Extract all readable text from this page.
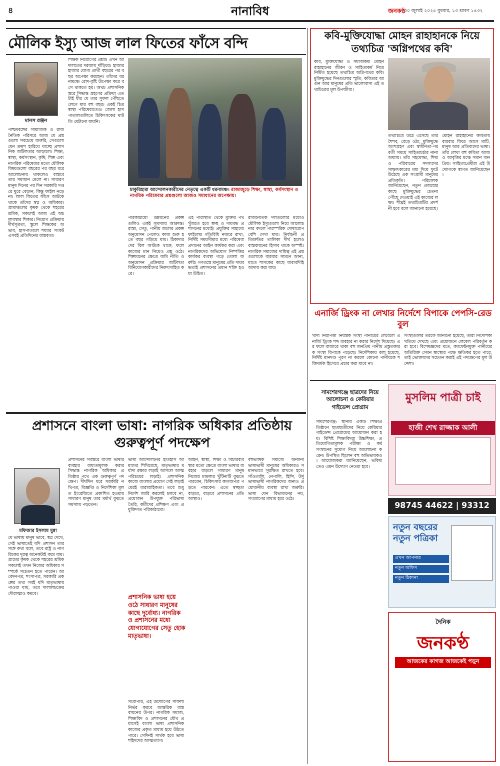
৪	নানাবিধ	জনকণ্ঠ
৩০ জুলাই ২০২৫ বুধবার, ১৩ শ্রাবণ ১৪৩২
মৌলিক ইস্যু আজ লাল ফিতের ফাঁসে বন্দি
মানস রঞ্জন
পশ্চিমবঙ্গের সামাজিক ও রাজনৈতিক পরিসরে আজ যে প্রশ্নগুলো সবচেয়ে জরুরি, সেগুলো যেন ক্রমশ হারিয়ে যাচ্ছে প্রশাসনিক জটিলতার আড়ালে। শিক্ষা, স্বাস্থ্য, কর্মসংস্থান, কৃষি, শিল্প এবং নাগরিক পরিষেবার মতো মৌলিক বিষয়গুলো বছরের পর বছর ধরে আলোচনায় থাকলেও বাস্তবে তার সমাধান মেলে না। সাধারণ মানুষ দিনের পর দিন সরকারি দপ্তরে ঘুরে বেড়ান, কিন্তু ফাইল নড়ে না। লাল ফিতের ফাঁসে আটকে থাকে তাঁদের স্বপ্ন ও অধিকার। গ্রামাঞ্চলের কৃষক থেকে শহরের শ্রমিক, সকলেই আজ এই অচলাবস্থার শিকার। নিয়োগ প্রক্রিয়ায় দীর্ঘসূত্রতা, স্কুলে শিক্ষকের অভাব, হাসপাতালে শয্যার সংকট এসবই প্রতিদিনের বাস্তবতা।
শিক্ষক নিয়োগের প্রশ্নটি এখন আদালতের দরজায় দাঁড়িয়ে। হাজার হাজার যোগ্য প্রার্থী বছরের পর বছর অপেক্ষা করছেন। তাঁদের ধরনামঞ্চে রোদ-বৃষ্টি উপেক্ষা করে বসে থাকতে হয়। অথচ প্রশাসনিক স্তরে সিদ্ধান্ত গ্রহণের প্রক্রিয়া এতটাই ধীর যে তার সুফল পৌঁছতে লেগে যায় বহু বছর। একই চিত্র স্বাস্থ্য পরিষেবাতেও। জেলা হাসপাতালগুলিতে চিকিৎসকের ঘাটতি মেটানো যায়নি।
চাকুরিহারা আন্দোলনকারীদের নেতৃত্বে একটি ধরনামঞ্চ। রাজ্যজুড়ে শিক্ষা, স্বাস্থ্য, কর্মসংস্থান ও নাগরিক পরিষেবার প্রশ্নগুলো আজও সমাধানের অপেক্ষায়।
পরিকাঠামো উন্নয়নের প্রকল্পগুলিও একই সমস্যায় আক্রান্ত। রাস্তা, সেতু, পানীয় জলের প্রকল্প অনুমোদন পেলেও কাজ শুরু হতে বছর গড়িয়ে যায়। ঠিকাদারদের বিল আটকে থাকে, ফলে কাজের মান নিয়েও প্রশ্ন ওঠে। শিল্পায়নের ক্ষেত্রে জমি নীতি ও অনুমোদন প্রক্রিয়ার জটিলতা বিনিয়োগকারীদের নিরুৎসাহিত করে।
এই পরিস্থিতি থেকে মুক্তির পথ খুঁজতে হবে স্বচ্ছ ও দায়বদ্ধ প্রশাসনের মধ্যেই। প্রযুক্তির সাহায্যে ফাইলের গতিবিধি নজরে রাখা, নির্দিষ্ট সময়সীমার মধ্যে পরিষেবা প্রদানের আইন কার্যকর করা এবং নাগরিকদের অভিযোগ নিষ্পত্তির কার্যকর ব্যবস্থা গড়ে তোলা জরুরি। গণতন্ত্রে মানুষের প্রতি দায়বদ্ধতাই প্রশাসনের প্রধান শক্তি হওয়া উচিত।
রাজনৈতিক দলগুলোর মধ্যেও মৌলিক ইস্যুগুলো নিয়ে আলোচনার বদলে পারস্পরিক দোষারোপ বেশি দেখা যায়। নির্বাচনী প্রতিশ্রুতির তালিকা দীর্ঘ হলেও বাস্তবায়নের হিসাব থাকে অস্পষ্ট। নাগরিক সমাজের দায়িত্ব এই প্রশ্নগুলোকে বারবার সামনে আনা, যাতে শাসকের কাছে জবাবদিহি আদায় করা যায়।
কবি-মুক্তিযোদ্ধা মোহন রাহাহানকে নিয়ে তথ্যচিত্র 'অগ্নিপথের কবি'
কবি, মুক্তিযোদ্ধা ও সমাজকর্মী মোহন রাহাহানের জীবন ও সাহিত্যকর্ম নিয়ে নির্মিত হয়েছে তথ্যচিত্র অগ্নিপথের কবি। মুক্তিযুদ্ধের দিনগুলোর স্মৃতি, কবিতার আগুন আর মানুষের প্রতি ভালোবাসা এই তথ্যচিত্রের মূল উপজীব্য।
তথ্যচিত্রে উঠে এসেছে তাঁর শৈশব, বেড়ে ওঠা, মুক্তিযুদ্ধে অংশগ্রহণ এবং স্বাধীনতা-পরবর্তী সময়ে সাহিত্যচর্চার নানা অধ্যায়। তাঁর সহযোদ্ধা, শিষ্য ও পরিবারের সদস্যদের সাক্ষাৎকারের মধ্য দিয়ে ফুটে উঠেছে এক সংগ্রামী মানুষের প্রতিকৃতি। পরিচালক জানিয়েছেন, নতুন প্রজন্মের কাছে মুক্তিযুদ্ধের চেতনা পৌঁছে দেওয়াই এই কাজের লক্ষ্য। শীঘ্রই তথ্যচিত্রটির প্রদর্শনী হবে বলে জানানো হয়েছে।
মোহন রাহাহানের কবিতায় বারবার ফিরে আসে মাটি, মানুষ আর প্রতিবাদের ভাষা। তাঁর লেখা বহু কবিতা আজও আবৃত্তির মঞ্চে সমান জনপ্রিয়। সাহিত্যপ্রেমীরা এই উদ্যোগকে স্বাগত জানিয়েছেন।
এনার্জি ড্রিংক না লেখার নির্দেশে বিপাকে পেপসি-রেড বুল
খাদ্য নিরাপত্তা নিয়ন্ত্রক সংস্থা পানীয়ের লেবেলে এনার্জি ড্রিংক শব্দ ব্যবহার না করার নির্দেশ দিয়েছে। এর ফলে বাজারে থাকা বহু জনপ্রিয় পানীয় প্রস্তুতকারক সংস্থা বিপাকে পড়েছে। নির্দেশিকায় বলা হয়েছে, নির্দিষ্ট মানদণ্ড পূরণ না করলে কোনো পানীয়কে শক্তিবর্ধক হিসেবে প্রচার করা যাবে না।
সংস্থাগুলির তরফে জানানো হয়েছে, তারা নির্দেশিকা খতিয়ে দেখছে এবং প্রয়োজনে লেবেল পরিবর্তন করা হবে। বিশেষজ্ঞদের মতে, ক্যাফেইনযুক্ত পানীয়ের অতিরিক্ত সেবন স্বাস্থ্যের পক্ষে ক্ষতিকর হতে পারে, তাই ভোক্তাদের সচেতন করাই এই পদক্ষেপের মূল উদ্দেশ্য।
প্রশাসনে বাংলা ভাষা: নাগরিক অধিকার প্রতিষ্ঠায় গুরুত্বপূর্ণ পদক্ষেপ
মফিজার ইসলাম মুন্না
প্রশাসনের সর্বস্তরে বাংলা ভাষার ব্যবহার বাধ্যতামূলক করার সিদ্ধান্ত নাগরিক অধিকার প্রতিষ্ঠার পথে এক গুরুত্বপূর্ণ পদক্ষেপ। দীর্ঘদিন ধরে সরকারি নথিপত্র, বিজ্ঞপ্তি ও নির্দেশিকা মূলত ইংরেজিতে প্রকাশিত হওয়ায় সাধারণ মানুষ তার মর্মার্থ বুঝতে সমস্যায় পড়তেন।
যে ভাষায় মানুষ ভাবে, স্বপ্ন দেখে, সেই ভাষাতেই যদি প্রশাসন তার সঙ্গে কথা বলে, তবে রাষ্ট্র ও নাগরিকের দূরত্ব অনেকটাই কমে যায়। গ্রামের কৃষক থেকে শহরের শ্রমিক সকলেই তখন নিজের অধিকার সম্পর্কে সচেতন হতে পারেন। আবেদনপত্র, শংসাপত্র, সরকারি প্রকল্পের তথ্য সবই যদি মাতৃভাষায় পাওয়া যায়, তবে দালালচক্রের দৌরাত্ম্যও কমবে।
ভাষা আন্দোলনের ইতিহাস আমাদের শিখিয়েছে, মাতৃভাষার মর্যাদা রক্ষার লড়াই আসলে আত্মপরিচয়ের লড়াই। প্রশাসনিক কাজে বাংলার প্রয়োগ সেই লড়াইয়েরই ধারাবাহিকতা। তবে শুধু নির্দেশ জারি করলেই চলবে না, প্রয়োজন উপযুক্ত পরিভাষা তৈরি, কর্মীদের প্রশিক্ষণ এবং প্রযুক্তিগত পরিকাঠামো।
প্রশাসনিক ভাষা হয়ে ওঠে সাধারণ মানুষের কাছে দুর্বোধ্য। নাগরিক ও প্রশাসনের মধ্যে যোগাযোগের সেতু হোক মাতৃভাষা।
আইন, স্বাস্থ্য, শিক্ষা ও বিচারব্যবস্থার মতো ক্ষেত্রে বাংলা ভাষার ব্যবহার বাড়লে সাধারণ মানুষ নিজের মামলার খুঁটিনাটি বুঝতে পারবেন, চিকিৎসার কাগজপত্র পড়তে পারবেন। এতে স্বচ্ছতা বাড়বে, বাড়বে প্রশাসনের প্রতি আস্থাও।
বহুভাষিক সমাজে অন্যান্য ভাষাভাষী মানুষের অধিকারও সমানভাবে সুরক্ষিত রাখতে হবে। সাঁওতালি, নেপালি, হিন্দি, উর্দু ভাষাভাষী নাগরিকদের জন্যও প্রয়োজনীয় ব্যবস্থা রাখা জরুরি। ভাষা যেন বিভাজনের নয়, সংযোগের মাধ্যম হয়ে ওঠে।
সর্বোপরি, এই উদ্যোগের সাফল্য নির্ভর করবে আন্তরিক বাস্তবায়নের উপর। নাগরিক সমাজ, শিক্ষাবিদ ও প্রশাসনের যৌথ প্রয়াসেই বাংলা ভাষা প্রশাসনিক কাজের প্রকৃত মাধ্যম হয়ে উঠতে পারে। সেদিনই সার্থক হবে ভাষা শহিদদের আত্মত্যাগ।
সামশেরগঞ্জে ছাত্রদের নিয়ে আলোচনা ও কেরিয়ার গাইডেন্স প্রোগ্রাম
সামশেরগঞ্জ: স্থানীয় একটি শিক্ষাপ্রতিষ্ঠানে ছাত্রছাত্রীদের নিয়ে কেরিয়ার গাইডেন্স প্রোগ্রামের আয়োজন করা হয়। বিশিষ্ট শিক্ষাবিদরা উচ্চশিক্ষা, প্রতিযোগিতামূলক পরীক্ষা ও কর্মসংস্থানের সুযোগ নিয়ে আলোচনা করেন। উপস্থিত ছিলেন বহু অভিভাবকও। আয়োজকরা জানিয়েছেন, ভবিষ্যতেও এমন উদ্যোগ নেওয়া হবে।
মুসলিম পাত্রী চাই
হাজী শেখ রাজ্জাক আলী
98745 44622 | 93312
নতুন বছরের নতুন পত্রিকা
এখন আপনার
নতুন অফিস
নতুন ঠিকানা
দৈনিক
জনকণ্ঠ
আজকের কাগজ আজকেই পড়ুন
